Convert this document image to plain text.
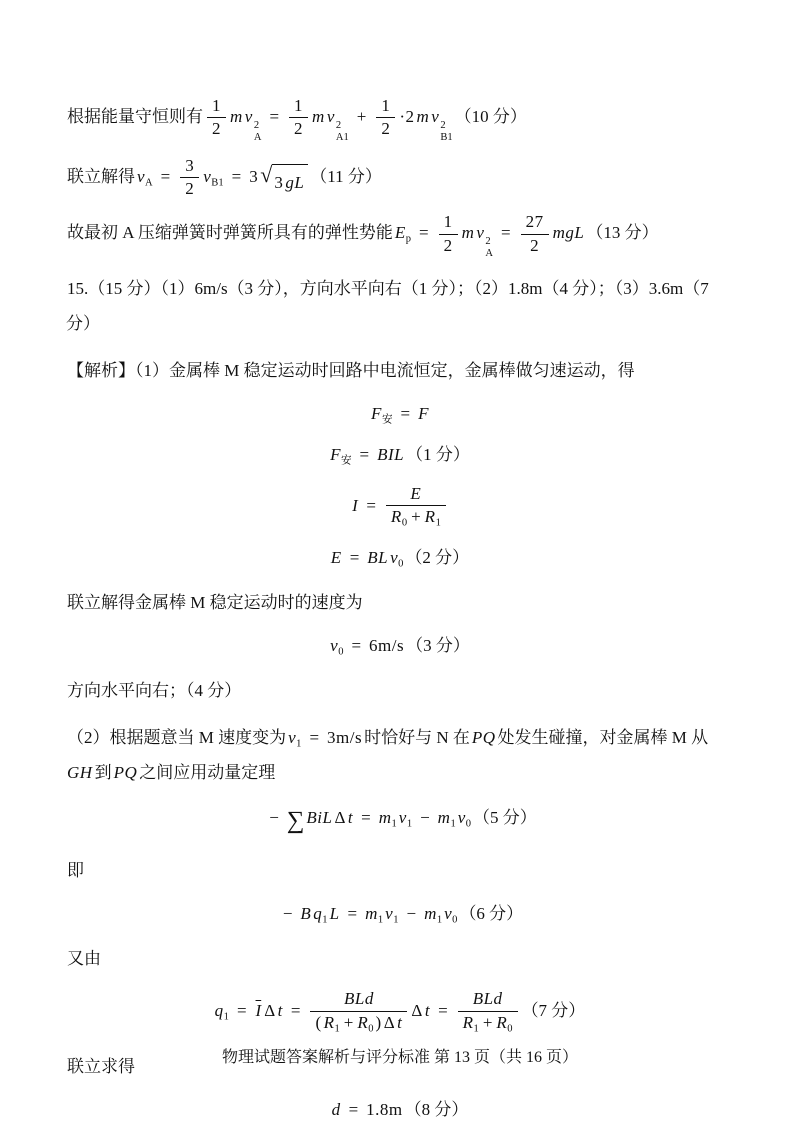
根据能量守恒则有 $\frac{1}{2}$ m v 2
A
= $\frac{1}{2}$ m v 2
A1
+ $\frac{1}{2} \cdot 2$ m v 2
B1
（10 分）
联立解得 $v_A = \frac{3}{2} v_{B1} = 3$ √ 3 gL （11 分）
故最初 A 压缩弹簧时弹簧所具有的弹性势能 $E_p = \frac{1}{2}$ m v 2
A
= $\frac{27}{2}$ mgL （13 分）
15.（15 分）（1）6m/s（3 分），方向水平向右（1 分）；（2）1.8m（4 分）；（3）3.6m（7 分）
【解析】（1）金属棒 M 稳定运动时回路中电流恒定，金属棒做匀速运动，得
$F_安 = F$
$F_安$ = BIL （1 分）
$I = \frac{E}{R_0 + R_1}$
E = BL $v_0$ （2 分）
联立解得金属棒 M 稳定运动时的速度为
$v_0 = 6m/s$ （3 分）
方向水平向右；（4 分）
（2）根据题意当 M 速度变为 $v_1 = 3m/s$ 时恰好与 N 在 PQ 处发生碰撞，对金属棒 M 从GH 到 PQ 之间应用动量定理
− ∑ BiL Δ $t = m_1$ $v_1 - m_1$ $v_0$ （5 分）
即
− B $q_1$ $L = m_1$ $v_1 - m_1$ $v_0$ （6 分）
又由
$q_1 = \overline{I}$ Δ t =
BLd
( $R_1 + R_0$ ) Δ t
Δ t =
BLd
$R_1 + R_0$
（7 分）
联立求得
d = 1.8m （8 分）
物理试题答案解析与评分标准 第 13 页（共 16 页）
